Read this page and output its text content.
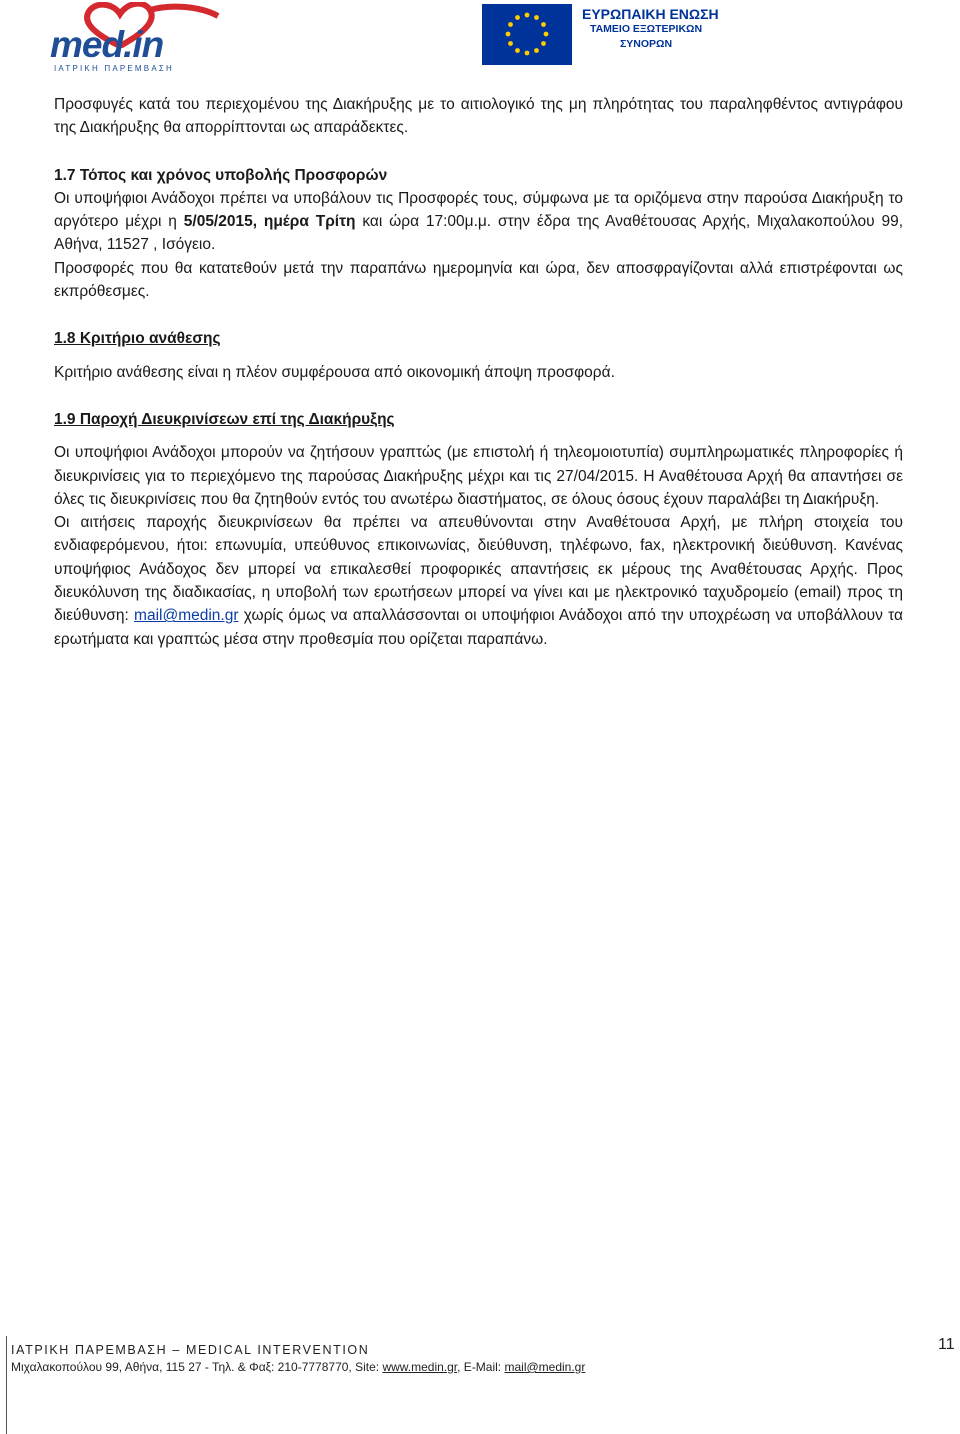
med.in
ΙΑΤΡΙΚΗ ΠΑΡΕΜΒΑΣΗ
ΕΥΡΩΠΑΙΚΗ ΕΝΩΣΗ
ΤΑΜΕΙΟ ΕΞΩΤΕΡΙΚΩΝ
ΣΥΝΟΡΩΝ

Προσφυγές κατά του περιεχομένου της Διακήρυξης με το αιτιολογικό της μη πληρότητας του παραληφθέντος αντιγράφου της Διακήρυξης θα απορρίπτονται ως απαράδεκτες.

1.7 Τόπος και χρόνος υποβολής Προσφορών

Οι υποψήφιοι Ανάδοχοι πρέπει να υποβάλουν τις Προσφορές τους, σύμφωνα με τα οριζόμενα στην παρούσα Διακήρυξη το αργότερο μέχρι η 5/05/2015, ημέρα Τρίτη και ώρα 17:00μ.μ. στην έδρα της Αναθέτουσας Αρχής, Μιχαλακοπούλου 99, Αθήνα, 11527 , Ισόγειο.

Προσφορές που θα κατατεθούν μετά την παραπάνω ημερομηνία και ώρα, δεν αποσφραγίζονται αλλά επιστρέφονται ως εκπρόθεσμες.

1.8 Κριτήριο ανάθεσης

Κριτήριο ανάθεσης είναι η πλέον συμφέρουσα από οικονομική άποψη προσφορά.

1.9 Παροχή Διευκρινίσεων επί της Διακήρυξης

Οι υποψήφιοι Ανάδοχοι μπορούν να ζητήσουν γραπτώς (με επιστολή ή τηλεομοιοτυπία) συμπληρωματικές πληροφορίες ή διευκρινίσεις για το περιεχόμενο της παρούσας Διακήρυξης μέχρι και τις 27/04/2015. Η Αναθέτουσα Αρχή θα απαντήσει σε όλες τις διευκρινίσεις που θα ζητηθούν εντός του ανωτέρω διαστήματος, σε όλους όσους έχουν παραλάβει τη Διακήρυξη.

Οι αιτήσεις παροχής διευκρινίσεων θα πρέπει να απευθύνονται στην Αναθέτουσα Αρχή, με πλήρη στοιχεία του ενδιαφερόμενου, ήτοι: επωνυμία, υπεύθυνος επικοινωνίας, διεύθυνση, τηλέφωνο, fax, ηλεκτρονική διεύθυνση. Κανένας υποψήφιος Ανάδοχος δεν μπορεί να επικαλεσθεί προφορικές απαντήσεις εκ μέρους της Αναθέτουσας Αρχής. Προς διευκόλυνση της διαδικασίας, η υποβολή των ερωτήσεων μπορεί να γίνει και με ηλεκτρονικό ταχυδρομείο (email) προς τη διεύθυνση: mail@medin.gr χωρίς όμως να απαλλάσσονται οι υποψήφιοι Ανάδοχοι από την υποχρέωση να υποβάλλουν τα ερωτήματα και γραπτώς μέσα στην προθεσμία που ορίζεται παραπάνω.

ΙΑΤΡΙΚΗ ΠΑΡΕΜΒΑΣΗ – MEDICAL INTERVENTION
Μιχαλακοπούλου 99, Αθήνα, 115 27 - Τηλ. & Φαξ: 210-7778770, Site: www.medin.gr, E-Mail: mail@medin.gr
11
